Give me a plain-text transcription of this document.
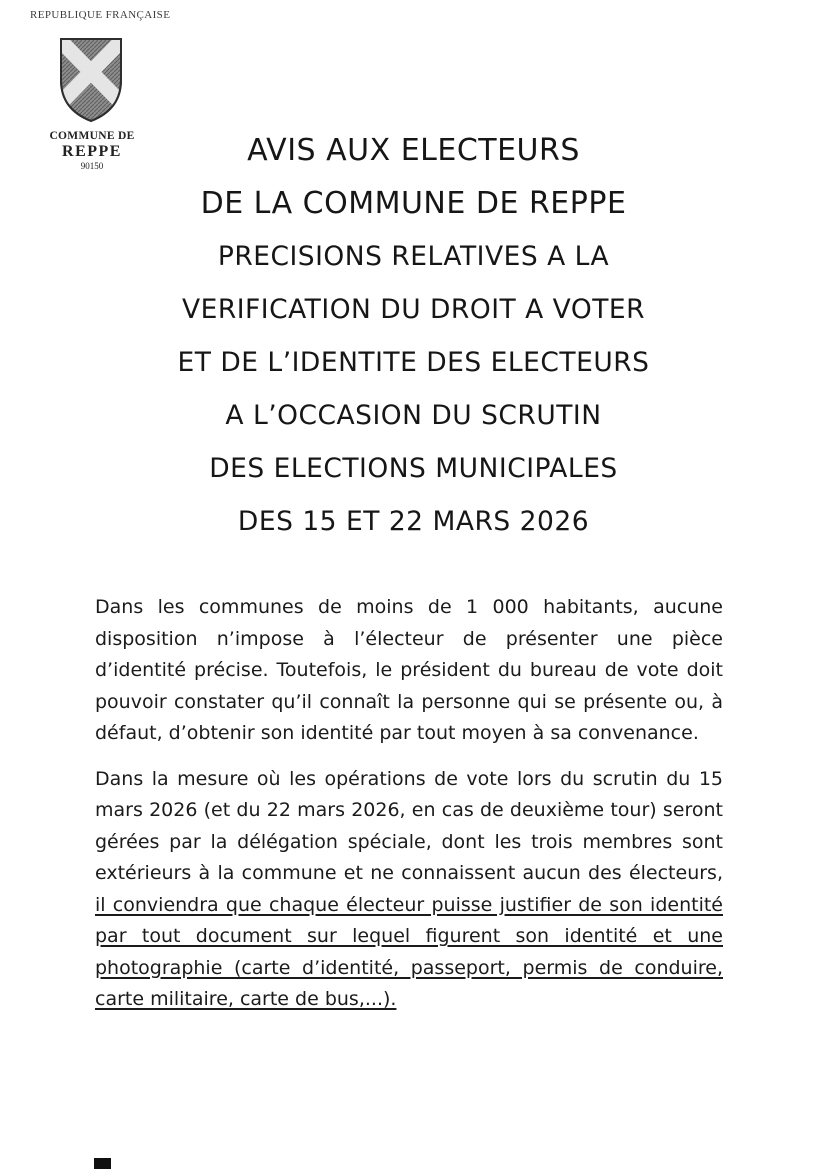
REPUBLIQUE FRANÇAISE
COMMUNE DE
REPPE
90150	AVIS AUX ELECTEURS
DE LA COMMUNE DE REPPE
PRECISIONS RELATIVES A LA
VERIFICATION DU DROIT A VOTER
ET DE L’IDENTITE DES ELECTEURS
A L’OCCASION DU SCRUTIN
DES ELECTIONS MUNICIPALES
DES 15 ET 22 MARS 2026

Dans les communes de moins de 1 000 habitants, aucune disposition n’impose à l’électeur de présenter une pièce d’identité précise. Toutefois, le président du bureau de vote doit pouvoir constater qu’il connaît la personne qui se présente ou, à défaut, d’obtenir son identité par tout moyen à sa convenance.

Dans la mesure où les opérations de vote lors du scrutin du 15 mars 2026 (et du 22 mars 2026, en cas de deuxième tour) seront gérées par la délégation spéciale, dont les trois membres sont extérieurs à la commune et ne connaissent aucun des électeurs, il conviendra que chaque électeur puisse justifier de son identité par tout document sur lequel figurent son identité et une photographie (carte d’identité, passeport, permis de conduire, carte militaire, carte de bus,...).
